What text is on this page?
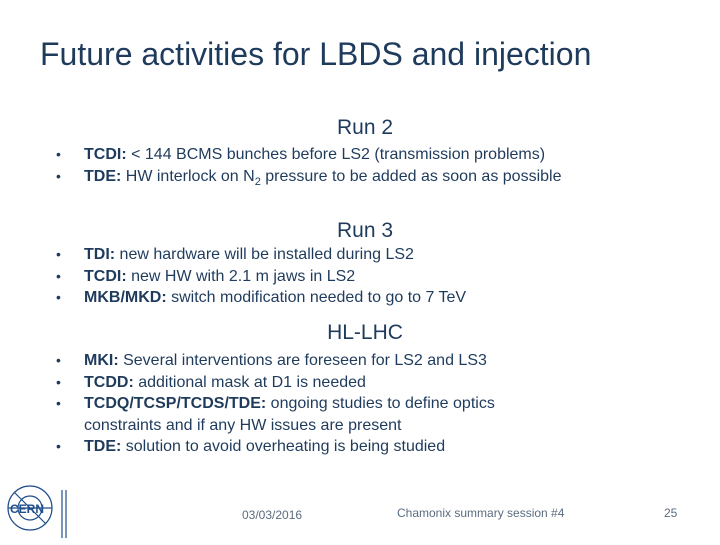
Future activities for LBDS and injection
Run 2
• TCDI: < 144 BCMS bunches before LS2 (transmission problems)
• TDE: HW interlock on $N_2$ pressure to be added as soon as possible
Run 3
• TDI: new hardware will be installed during LS2
• TCDI: new HW with 2.1 m jaws in LS2
• MKB/MKD: switch modification needed to go to 7 TeV
HL-LHC
• MKI: Several interventions are foreseen for LS2 and LS3
• TCDD: additional mask at D1 is needed
• TCDQ/TCSP/TCDS/TDE: ongoing studies to define optics constraints and if any HW issues are present
• TDE: solution to avoid overheating is being studied
CERN	03/03/2016	Chamonix summary session #4	25
